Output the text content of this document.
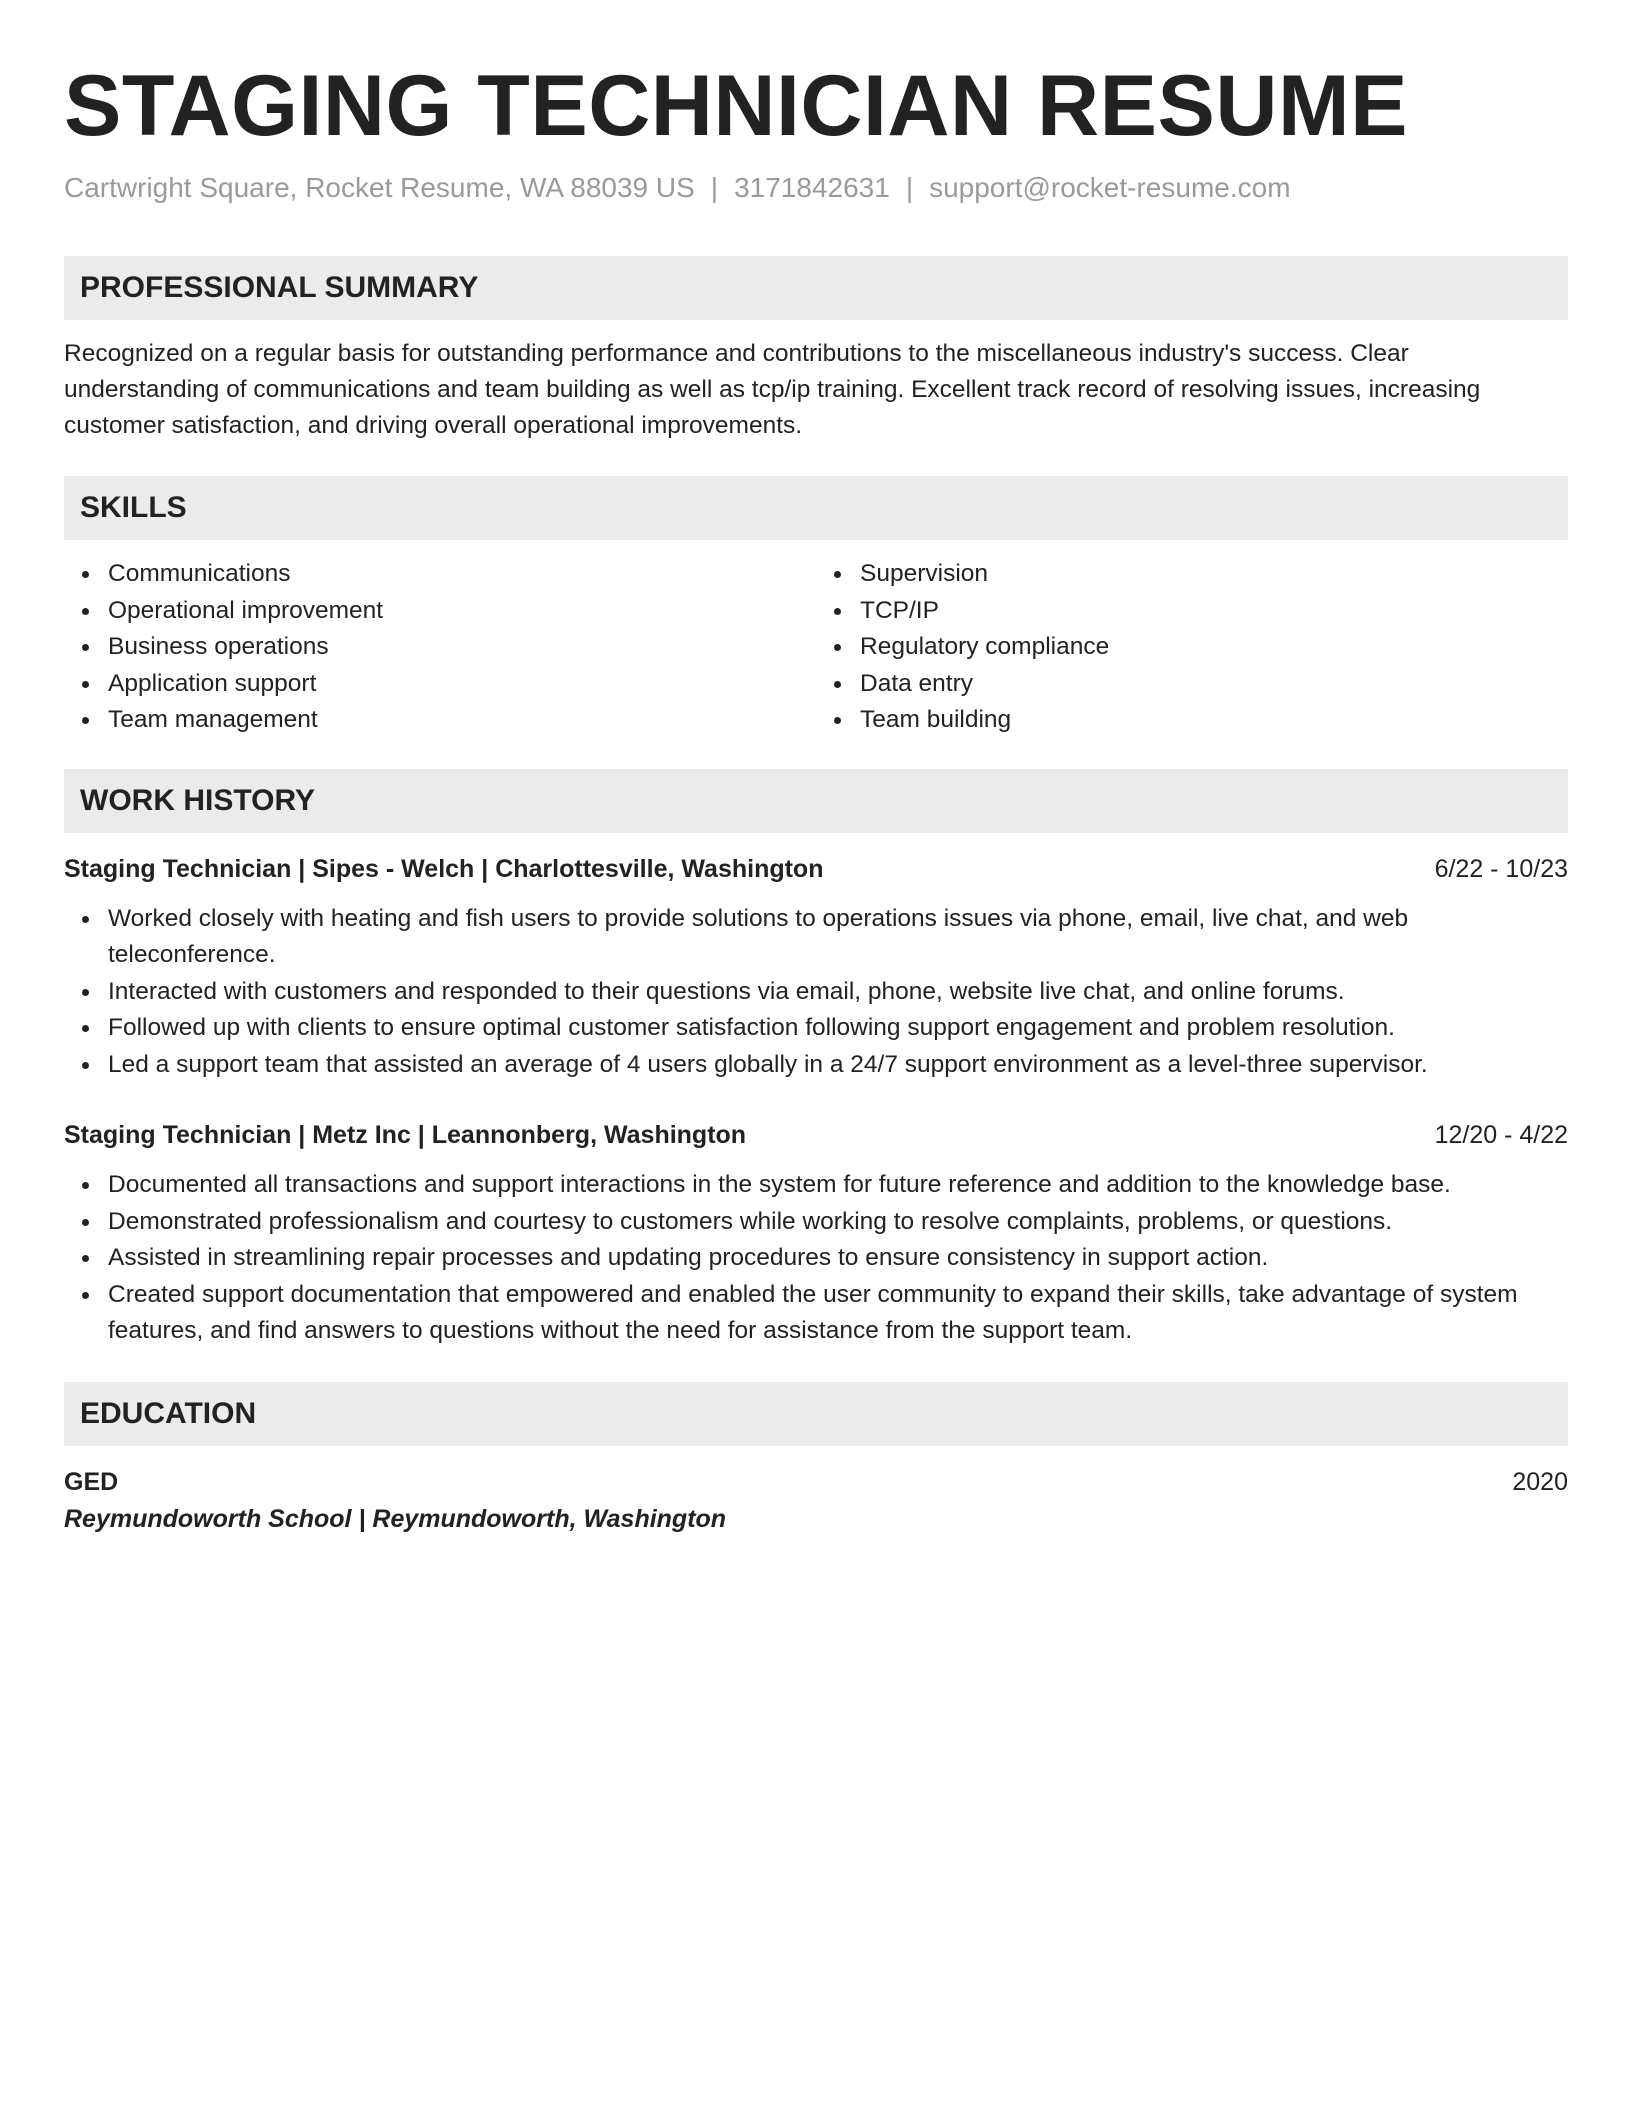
STAGING TECHNICIAN RESUME
Cartwright Square, Rocket Resume, WA 88039 US | 3171842631 | support@rocket-resume.com
PROFESSIONAL SUMMARY
Recognized on a regular basis for outstanding performance and contributions to the miscellaneous industry's success. Clear understanding of communications and team building as well as tcp/ip training. Excellent track record of resolving issues, increasing customer satisfaction, and driving overall operational improvements.
SKILLS
Communications
Operational improvement
Business operations
Application support
Team management
Supervision
TCP/IP
Regulatory compliance
Data entry
Team building
WORK HISTORY
Staging Technician | Sipes - Welch | Charlottesville, Washington	6/22 - 10/23
Worked closely with heating and fish users to provide solutions to operations issues via phone, email, live chat, and web teleconference.
Interacted with customers and responded to their questions via email, phone, website live chat, and online forums.
Followed up with clients to ensure optimal customer satisfaction following support engagement and problem resolution.
Led a support team that assisted an average of 4 users globally in a 24/7 support environment as a level-three supervisor.
Staging Technician | Metz Inc | Leannonberg, Washington	12/20 - 4/22
Documented all transactions and support interactions in the system for future reference and addition to the knowledge base.
Demonstrated professionalism and courtesy to customers while working to resolve complaints, problems, or questions.
Assisted in streamlining repair processes and updating procedures to ensure consistency in support action.
Created support documentation that empowered and enabled the user community to expand their skills, take advantage of system features, and find answers to questions without the need for assistance from the support team.
EDUCATION
GED	2020
Reymundoworth School | Reymundoworth, Washington
